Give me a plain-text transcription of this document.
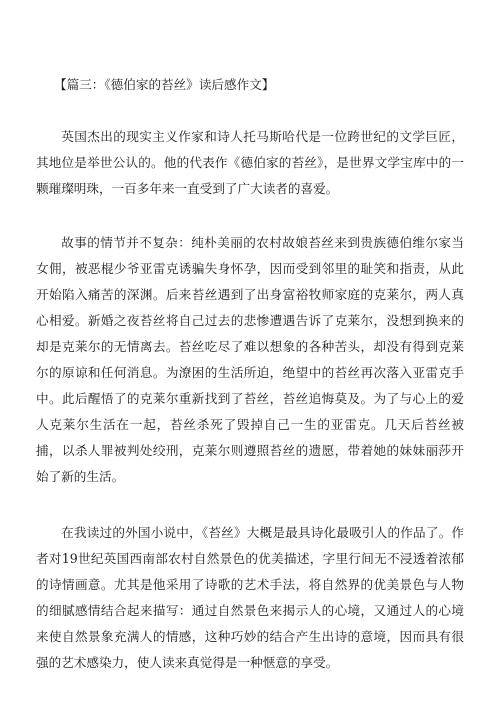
【篇三：《德伯家的苔丝》读后感作文】

英国杰出的现实主义作家和诗人托马斯哈代是一位跨世纪的文学巨匠，其地位是举世公认的。他的代表作《德伯家的苔丝》，是世界文学宝库中的一颗璀璨明珠，一百多年来一直受到了广大读者的喜爱。

故事的情节并不复杂：纯朴美丽的农村故娘苔丝来到贵族德伯维尔家当女佣，被恶棍少爷亚雷克诱骗失身怀孕，因而受到邻里的耻笑和指责，从此开始陷入痛苦的深渊。后来苔丝遇到了出身富裕牧师家庭的克莱尔，两人真心相爱。新婚之夜苔丝将自己过去的悲惨遭遇告诉了克莱尔，没想到换来的却是克莱尔的无情离去。苔丝吃尽了难以想象的各种苦头，却没有得到克莱尔的原谅和任何消息。为潦困的生活所迫，绝望中的苔丝再次落入亚雷克手中。此后醒悟了的克莱尔重新找到了苔丝，苔丝追悔莫及。为了与心上的爱人克莱尔生活在一起，苔丝杀死了毁掉自己一生的亚雷克。几天后苔丝被捕，以杀人罪被判处绞刑，克莱尔则遵照苔丝的遗愿，带着她的妹妹丽莎开始了新的生活。

在我读过的外国小说中，《苔丝》大概是最具诗化最吸引人的作品了。作者对19世纪英国西南部农村自然景色的优美描述，字里行间无不浸透着浓郁的诗情画意。尤其是他采用了诗歌的艺术手法，将自然界的优美景色与人物的细腻感情结合起来描写：通过自然景色来揭示人的心境，又通过人的心境来使自然景象充满人的情感，这种巧妙的结合产生出诗的意境，因而具有很强的艺术感染力，使人读来真觉得是一种惬意的享受。
